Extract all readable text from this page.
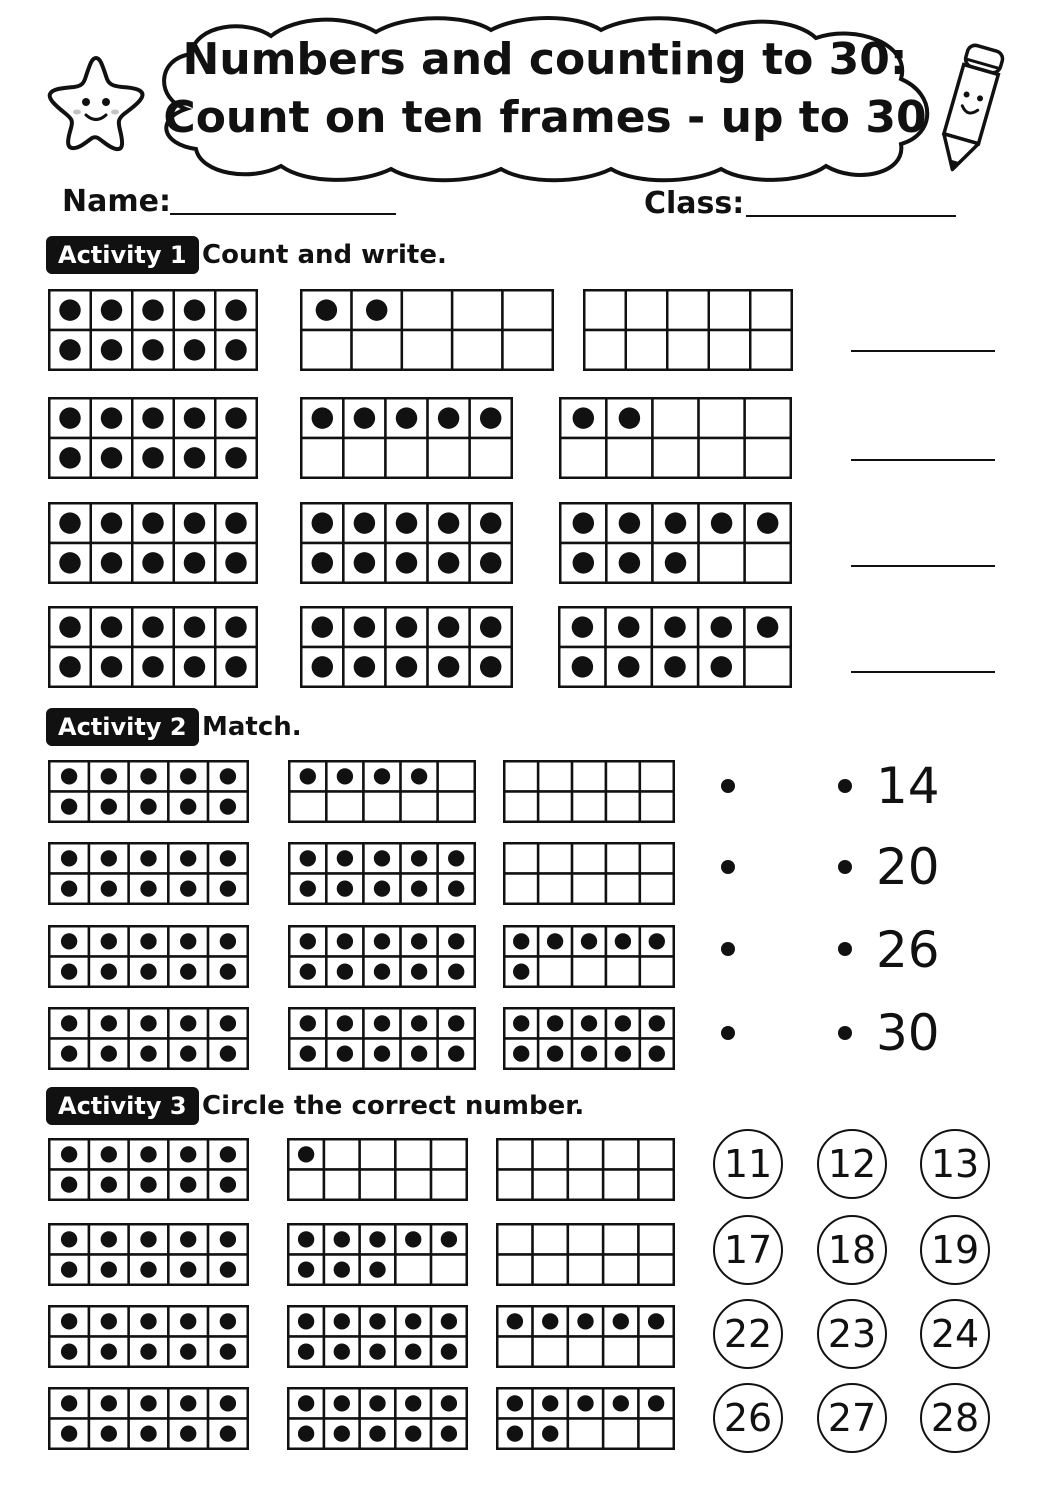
Numbers and counting to 30:
Count on ten frames - up to 30
Name:	Class:
Activity 1 Count and write.
Activity 2 Match.
14
20
26
30
Activity 3 Circle the correct number.
11 12 13
17 18 19
22 23 24
26 27 28
